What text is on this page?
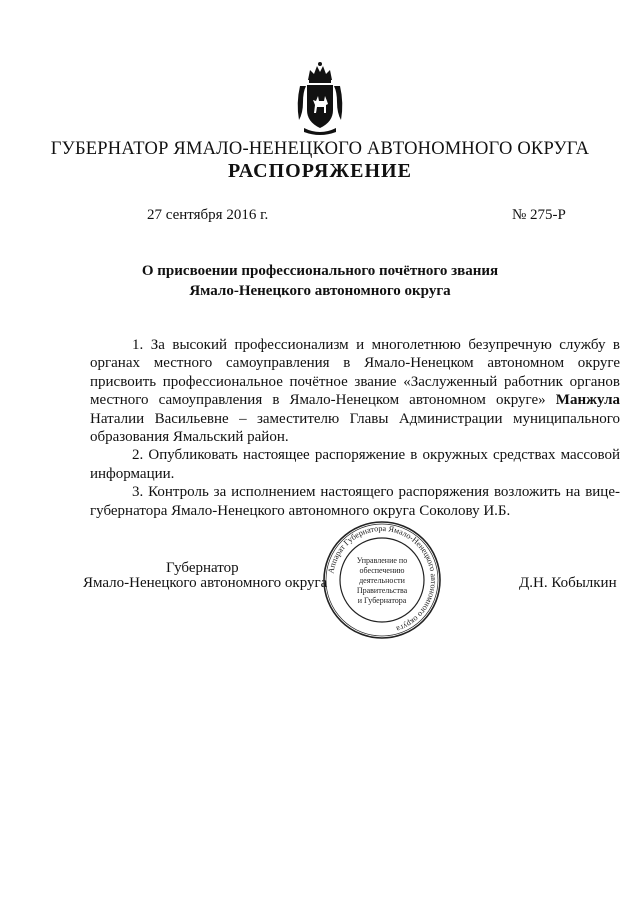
ГУБЕРНАТОР ЯМАЛО-НЕНЕЦКОГО АВТОНОМНОГО ОКРУГА
РАСПОРЯЖЕНИЕ
27 сентября 2016 г.	№ 275-Р
О присвоении профессионального почётного звания
Ямало-Ненецкого автономного округа

1. За высокий профессионализм и многолетнюю безупречную службу в органах местного самоуправления в Ямало-Ненецком автономном округе присвоить профессиональное почётное звание «Заслуженный работник органов местного самоуправления в Ямало-Ненецком автономном округе» Манжула Наталии Васильевне – заместителю Главы Администрации муниципального образования Ямальский район.

2. Опубликовать настоящее распоряжение в окружных средствах массовой информации.

3. Контроль за исполнением настоящего распоряжения возложить на вице-губернатора Ямало-Ненецкого автономного округа Соколову И.Б.

Губернатор
Ямало-Ненецкого автономного округа	Д.Н. Кобылкин
Аппарат Губернатора Ямало-Ненецкого автономного округа
Управление по
обеспечению
деятельности
Правительства
и Губернатора
